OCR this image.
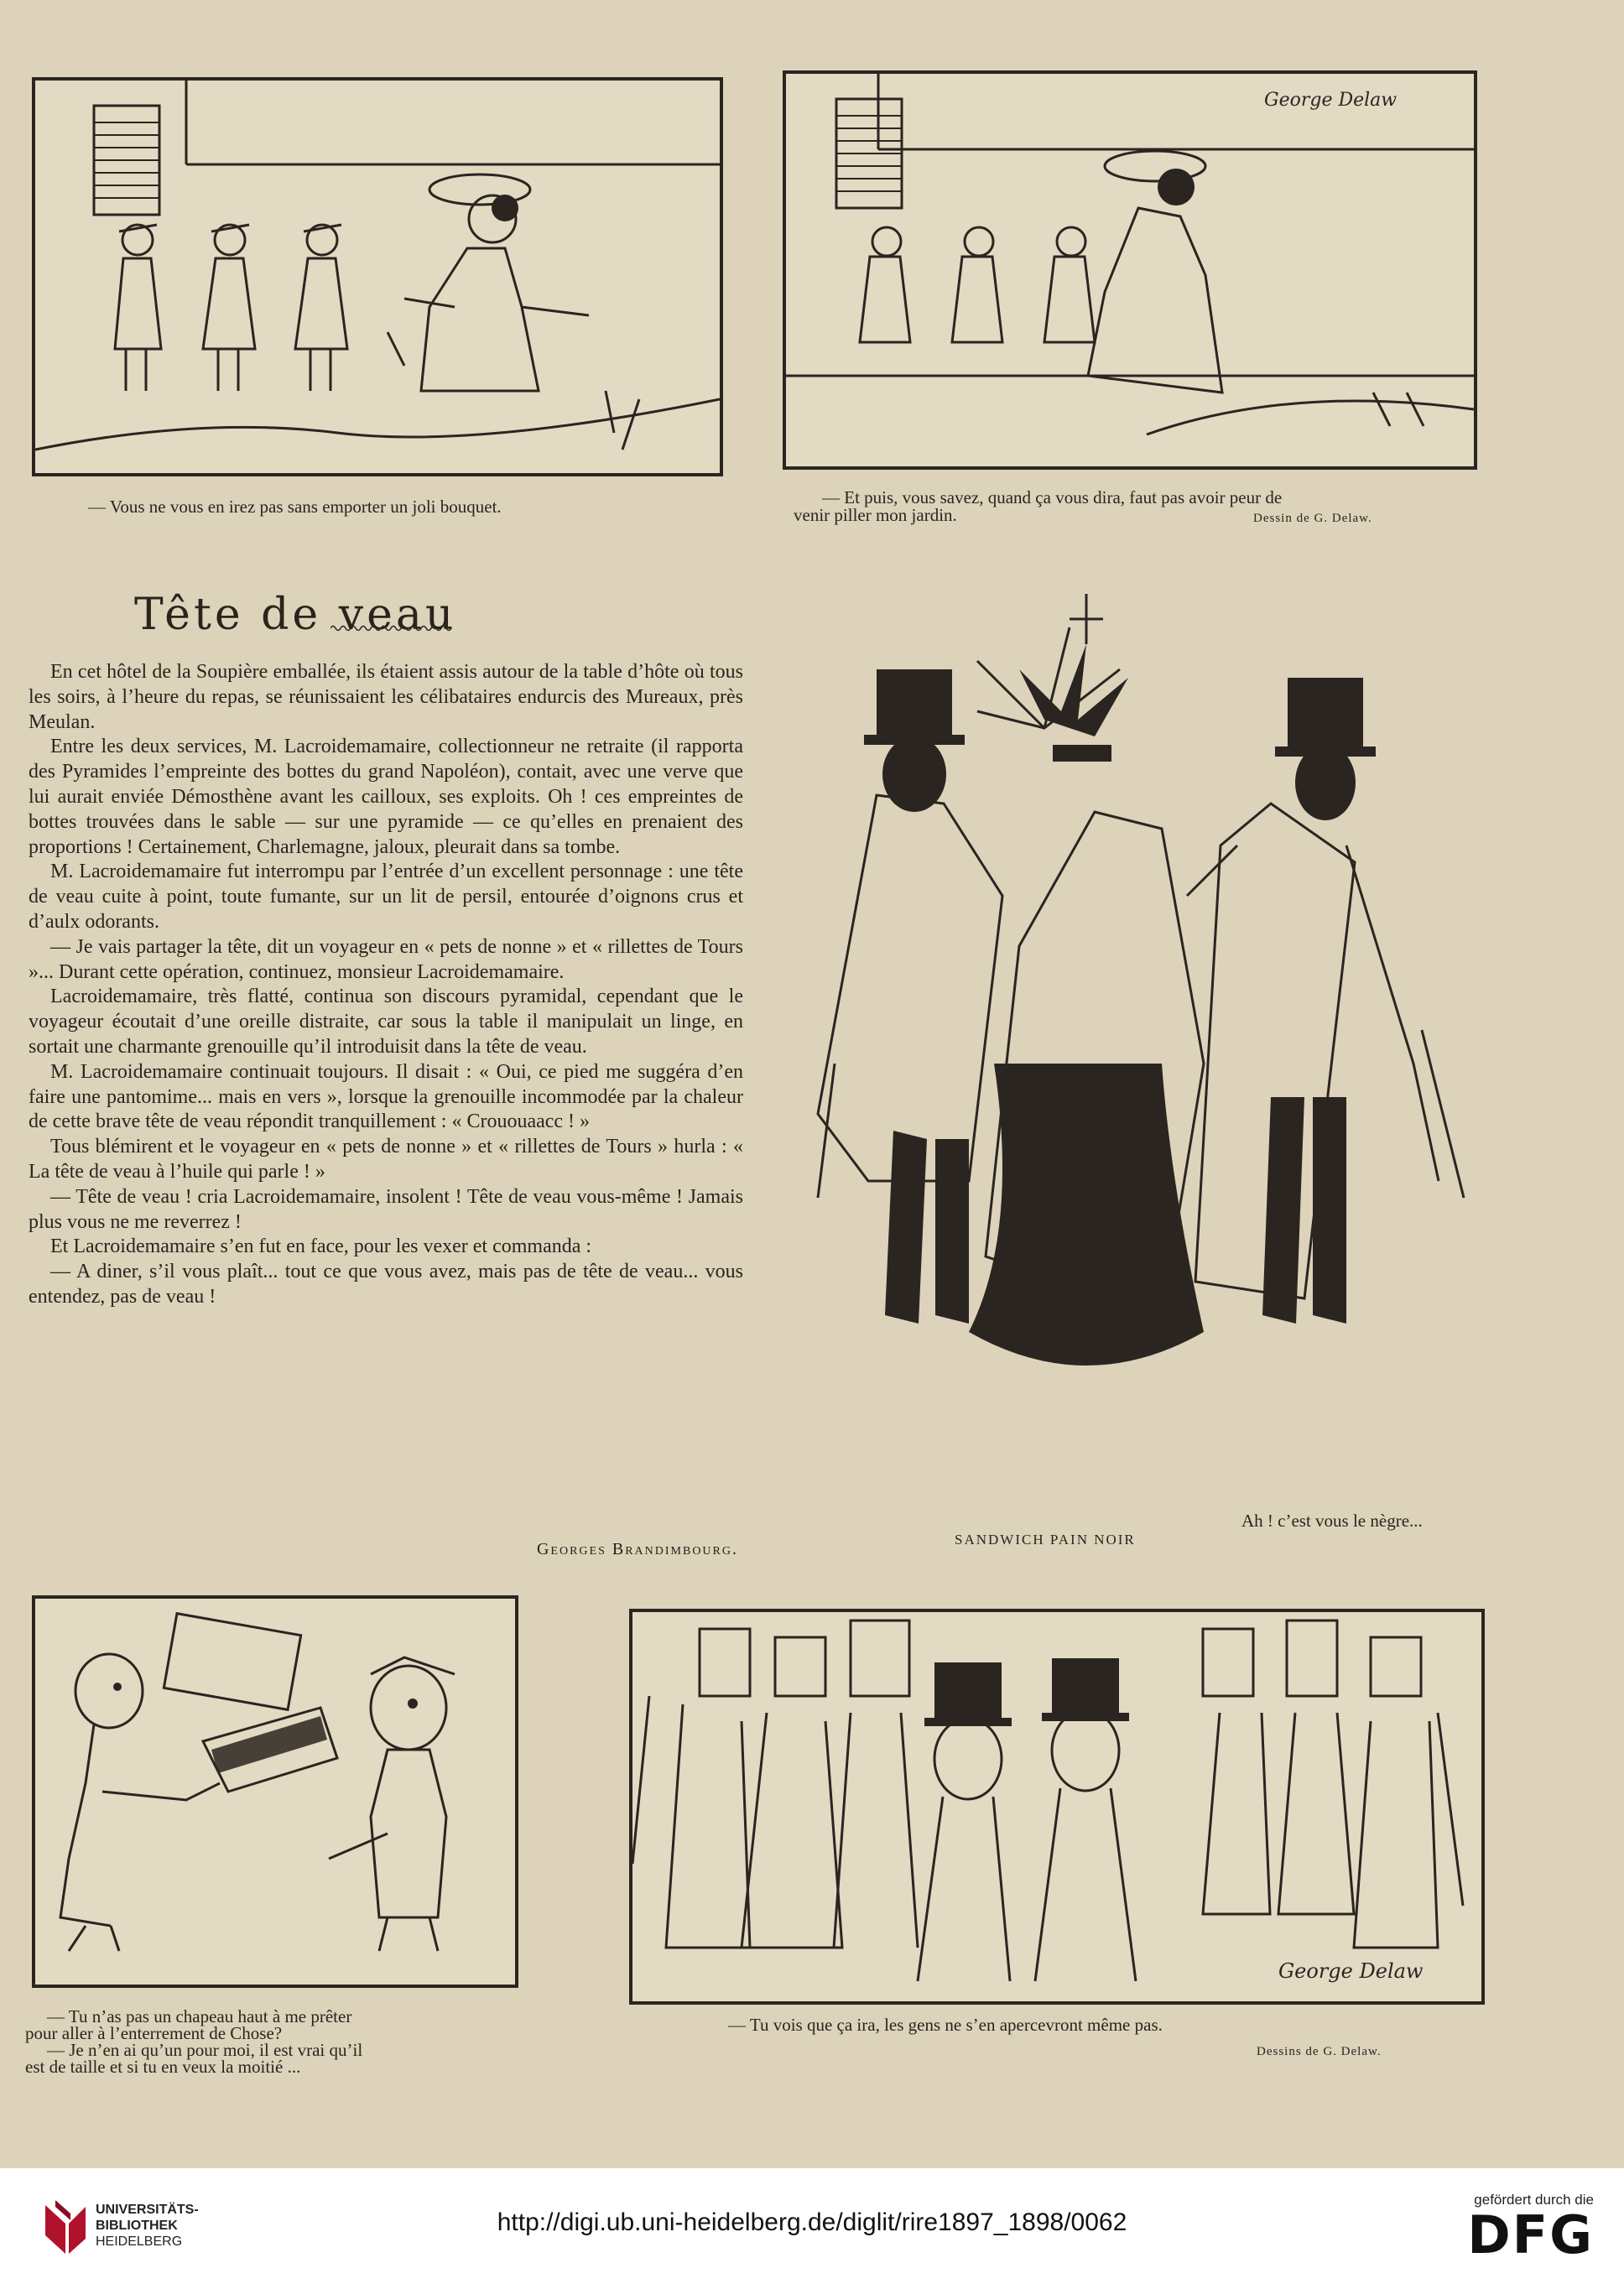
— Vous ne vous en irez pas sans emporter un joli bouquet.
George Delaw
— Et puis, vous savez, quand ça vous dira, faut pas avoir peur de
venir piller mon jardin.	Dessin de G. Delaw.
Tête de veau

En cet hôtel de la Soupière emballée, ils étaient assis autour de la table d’hôte où tous les soirs, à l’heure du repas, se réunissaient les célibataires endurcis des Mureaux, près Meulan.

Entre les deux services, M. Lacroidemamaire, collectionneur ne retraite (il rapporta des Pyramides l’empreinte des bottes du grand Napoléon), contait, avec une verve que lui aurait enviée Démosthène avant les cailloux, ses exploits. Oh ! ces empreintes de bottes trouvées dans le sable — sur une pyramide — ce qu’elles en prenaient des proportions ! Certainement, Charlemagne, jaloux, pleurait dans sa tombe.

M. Lacroidemamaire fut interrompu par l’entrée d’un excellent personnage : une tête de veau cuite à point, toute fumante, sur un lit de persil, entourée d’oignons crus et d’aulx odorants.

— Je vais partager la tête, dit un voyageur en « pets de nonne » et « rillettes de Tours »... Durant cette opération, continuez, monsieur Lacroidemamaire.

Lacroidemamaire, très flatté, continua son discours pyramidal, cependant que le voyageur écoutait d’une oreille distraite, car sous la table il manipulait un linge, en sortait une charmante grenouille qu’il introduisit dans la tête de veau.

M. Lacroidemamaire continuait toujours. Il disait : « Oui, ce pied me suggéra d’en faire une pantomime... mais en vers », lorsque la grenouille incommodée par la chaleur de cette brave tête de veau répondit tranquillement : « Crououaacc ! »

Tous blémirent et le voyageur en « pets de nonne » et « rillettes de Tours » hurla : « La tête de veau à l’huile qui parle ! »

— Tête de veau ! cria Lacroidemamaire, insolent ! Tête de veau vous-même ! Jamais plus vous ne me reverrez !

Et Lacroidemamaire s’en fut en face, pour les vexer et commanda :

— A diner, s’il vous plaît... tout ce que vous avez, mais pas de tête de veau... vous entendez, pas de veau !

Georges Brandimbourg.
Ah ! c’est vous le nègre...
SANDWICH PAIN NOIR
— Tu n’as pas un chapeau haut à me prêter
pour aller à l’enterrement de Chose?
— Je n’en ai qu’un pour moi, il est vrai qu’il
est de taille et si tu en veux la moitié ...
George Delaw
— Tu vois que ça ira, les gens ne s’en apercevront même pas.
Dessins de G. Delaw.
UNIVERSITÄTS-
BIBLIOTHEK
HEIDELBERG
http://digi.ub.uni-heidelberg.de/diglit/rire1897_1898/0062
gefördert durch die
DFG
